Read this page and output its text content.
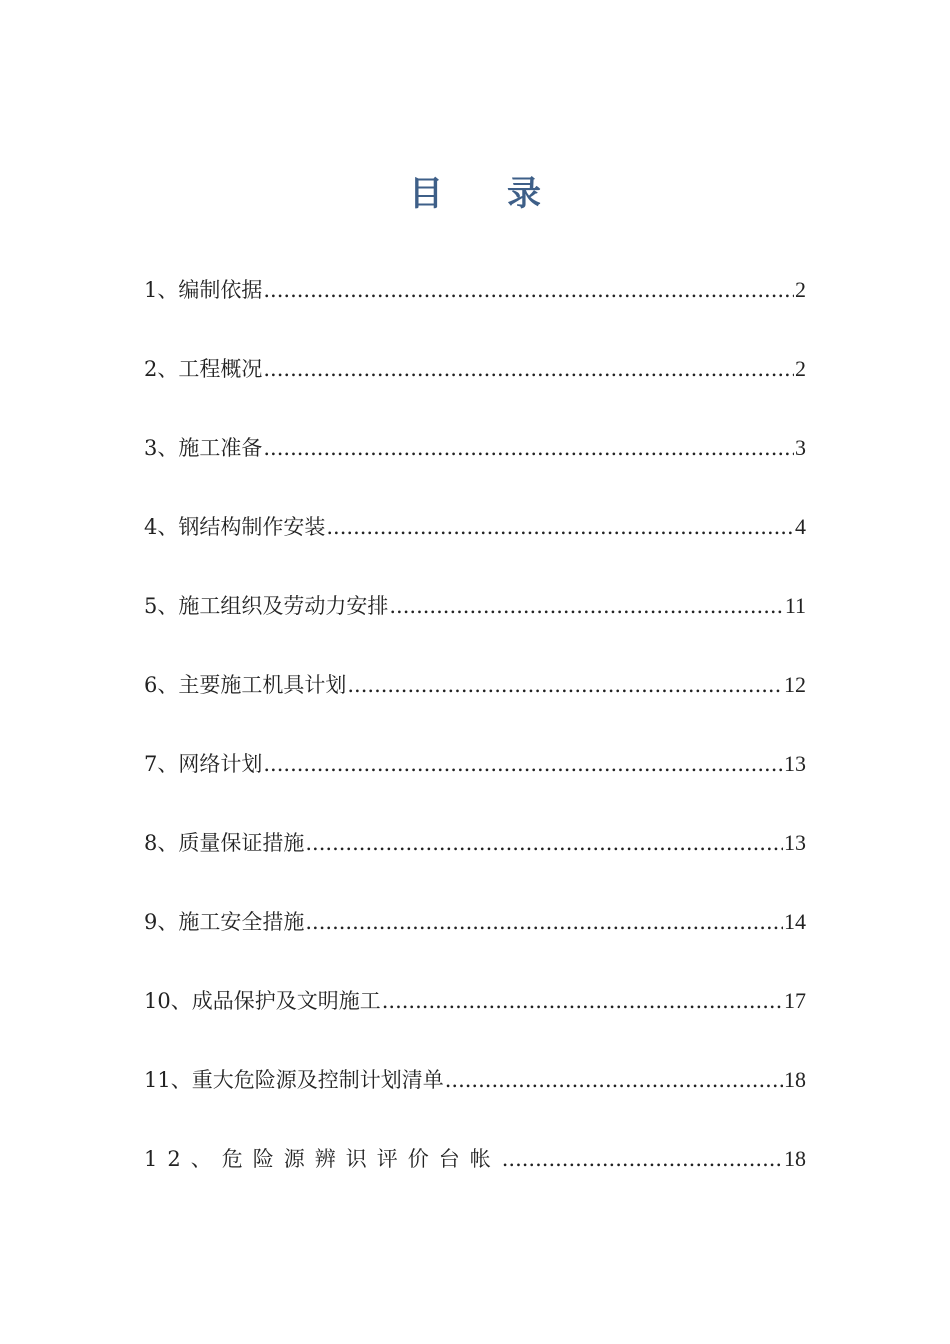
目录
1、编制依据 .....	2
2、工程概况 .....	2
3、施工准备 .....	3
4、钢结构制作安装 .....	4
5、施工组织及劳动力安排 .....	11
6、主要施工机具计划 .....	12
7、网络计划 .....	13
8、质量保证措施 .....	13
9、施工安全措施 .....	14
10、成品保护及文明施工 .....	17
11、重大危险源及控制计划清单 .....	18
12、危险源辨识评价台帐 .....	18
